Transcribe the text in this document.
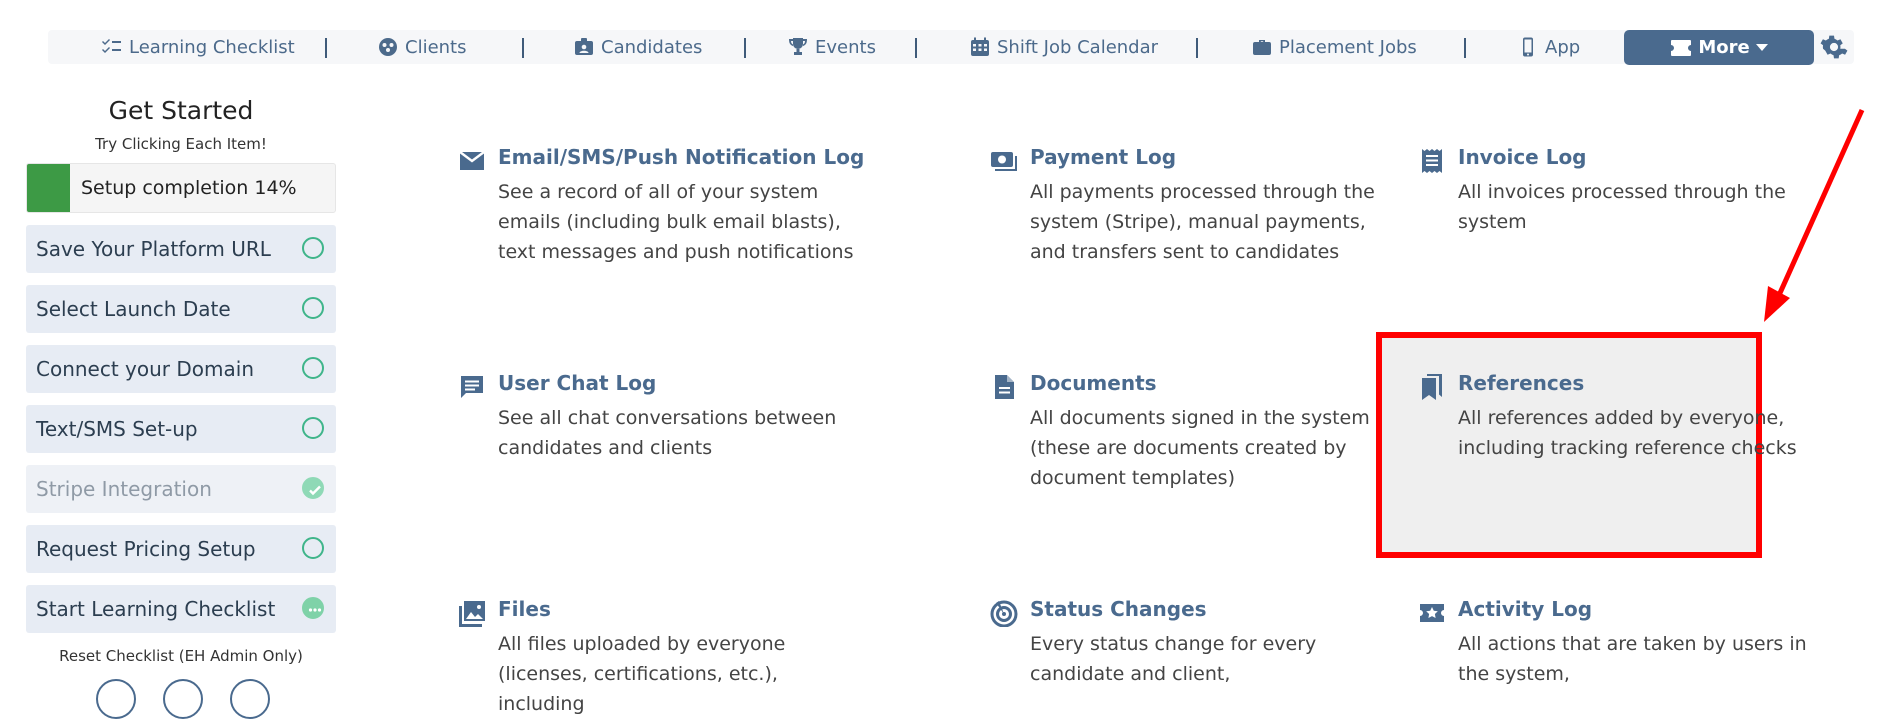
Learning Checklist	Clients	Candidates	Events	Shift Job Calendar	Placement Jobs	App	More
Get Started
Try Clicking Each Item!
Setup completion 14%
Save Your Platform URL
Select Launch Date
Connect your Domain
Text/SMS Set-up
Stripe Integration
Request Pricing Setup
Start Learning Checklist
Reset Checklist (EH Admin Only)
Email/SMS/Push Notification Log
See a record of all of your system emails (including bulk email blasts), text messages and push notifications
Payment Log
All payments processed through the system (Stripe), manual payments, and transfers sent to candidates
Invoice Log
All invoices processed through the system
User Chat Log
See all chat conversations between candidates and clients
Documents
All documents signed in the system (these are documents created by document templates)
References
All references added by everyone, including tracking reference checks
Files
All files uploaded by everyone (licenses, certifications, etc.), including
Status Changes
Every status change for every candidate and client,
Activity Log
All actions that are taken by users in the system,
